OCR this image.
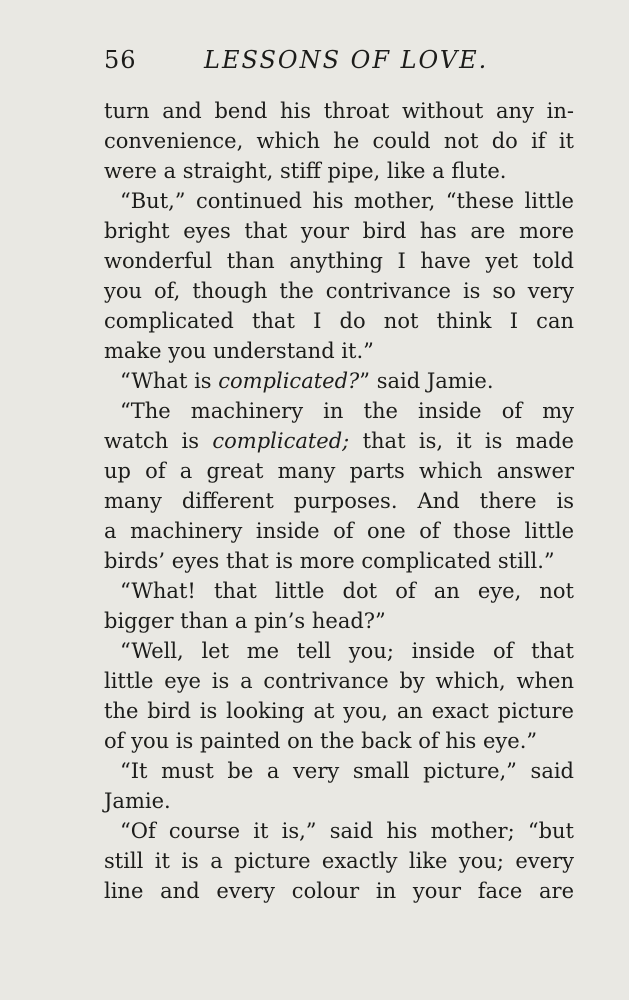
56	LESSONS OF LOVE.
turn and bend his throat without any in-
convenience, which he could not do if it
were a straight, stiff pipe, like a flute.
“But,” continued his mother, “these little
bright eyes that your bird has are more
wonderful than anything I have yet told
you of, though the contrivance is so very
complicated that I do not think I can
make you understand it.”
“What is complicated?” said Jamie.
“The machinery in the inside of my
watch is complicated; that is, it is made
up of a great many parts which answer
many different purposes. And there is
a machinery inside of one of those little
birds’ eyes that is more complicated still.”
“What! that little dot of an eye, not
bigger than a pin’s head?”
“Well, let me tell you; inside of that
little eye is a contrivance by which, when
the bird is looking at you, an exact picture
of you is painted on the back of his eye.”
“It must be a very small picture,” said
Jamie.
“Of course it is,” said his mother; “but
still it is a picture exactly like you; every
line and every colour in your face are
